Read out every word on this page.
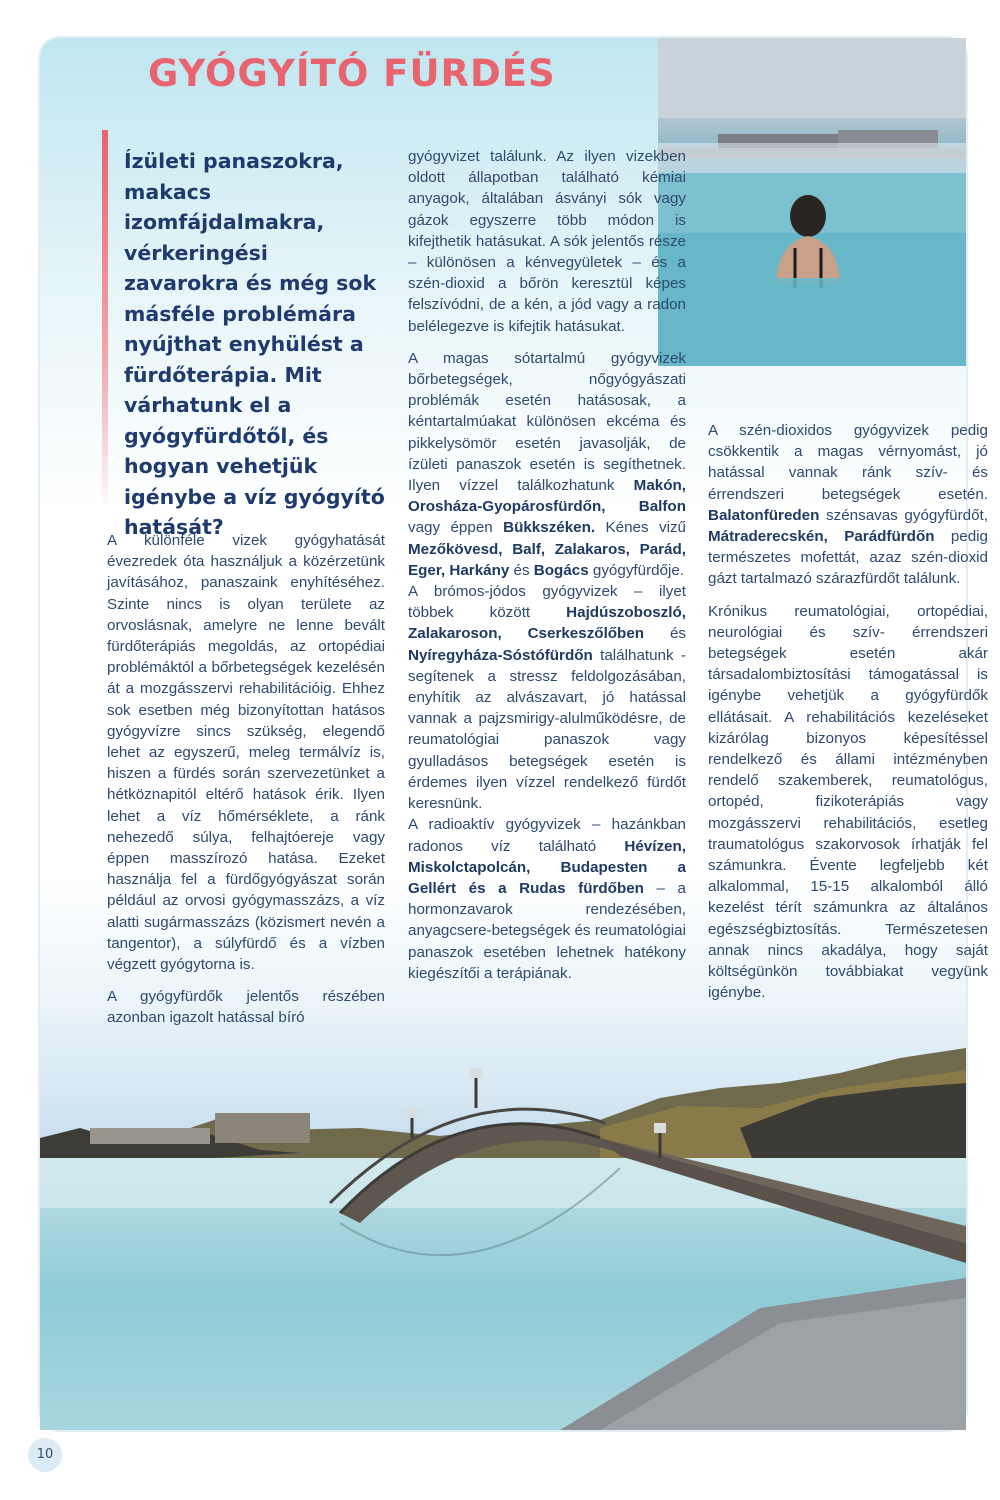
GYÓGYÍTÓ FÜRDÉS

Ízületi panaszokra, makacs izomfájdalmakra, vérkeringési zavarokra és még sok másféle problémára nyújthat enyhülést a fürdőterápia. Mit várhatunk el a gyógyfürdőtől, és hogyan vehetjük igénybe a víz gyógyító hatását?

A különféle vizek gyógyhatását évezredek óta használjuk a közérzetünk javításához, panaszaink enyhítéséhez. Szinte nincs is olyan területe az orvoslásnak, amelyre ne lenne bevált fürdőterápiás megoldás, az ortopédiai problémáktól a bőrbetegségek kezelésén át a mozgásszervi rehabilitációig. Ehhez sok esetben még bizonyítottan hatásos gyógyvízre sincs szükség, elegendő lehet az egyszerű, meleg termálvíz is, hiszen a fürdés során szervezetünket a hétköznapitól eltérő hatások érik. Ilyen lehet a víz hőmérséklete, a ránk nehezedő súlya, felhajtóereje vagy éppen masszírozó hatása. Ezeket használja fel a fürdőgyógyászat során például az orvosi gyógymasszázs, a víz alatti sugármasszázs (közismert nevén a tangentor), a súlyfürdő és a vízben végzett gyógytorna is.

A gyógyfürdők jelentős részében azonban igazolt hatással bíró

gyógyvizet találunk. Az ilyen vizekben oldott állapotban található kémiai anyagok, általában ásványi sók vagy gázok egyszerre több módon is kifejthetik hatásukat. A sók jelentős része – különösen a kénvegyületek – és a szén-dioxid a bőrön keresztül képes felszívódni, de a kén, a jód vagy a radon belélegezve is kifejtik hatásukat.

A magas sótartalmú gyógyvizek bőrbetegségek, nőgyógyászati problémák esetén hatásosak, a kéntartalmúakat különösen ekcéma és pikkelysömör esetén javasolják, de ízületi panaszok esetén is segíthetnek. Ilyen vízzel találkozhatunk Makón, Orosháza-Gyopárosfürdőn, Balfon vagy éppen Bükkszéken. Kénes vizű Mezőkövesd, Balf, Zalakaros, Parád, Eger, Harkány és Bogács gyógyfürdője.
A brómos-jódos gyógyvizek – ilyet többek között Hajdúszoboszló, Zalakaroson, Cserkeszőlőben és Nyíregyháza-Sóstófürdőn találhatunk - segítenek a stressz feldolgozásában, enyhítik az alvászavart, jó hatással vannak a pajzsmirigy-alulműködésre, de reumatológiai panaszok vagy gyulladásos betegségek esetén is érdemes ilyen vízzel rendelkező fürdőt keresnünk.
A radioaktív gyógyvizek – hazánkban radonos víz található Hévízen, Miskolctapolcán, Budapesten a Gellért és a Rudas fürdőben – a hormonzavarok rendezésében, anyagcsere-betegségek és reumatológiai panaszok esetében lehetnek hatékony kiegészítői a terápiának.

A szén-dioxidos gyógyvizek pedig csökkentik a magas vérnyomást, jó hatással vannak ránk szív- és érrendszeri betegségek esetén. Balatonfüreden szénsavas gyógyfürdőt, Mátraderecskén, Parádfürdőn pedig természetes mofettát, azaz szén-dioxid gázt tartalmazó szárazfürdőt találunk.

Krónikus reumatológiai, ortopédiai, neurológiai és szív- érrendszeri betegségek esetén akár társadalombiztosítási támogatással is igénybe vehetjük a gyógyfürdők ellátásait. A rehabilitációs kezeléseket kizárólag bizonyos képesítéssel rendelkező és állami intézményben rendelő szakemberek, reumatológus, ortopéd, fizikoterápiás vagy mozgásszervi rehabilitációs, esetleg traumatológus szakorvosok írhatják fel számunkra. Évente legfeljebb két alkalommal, 15-15 alkalomból álló kezelést térít számunkra az általános egészségbiztosítás. Természetesen annak nincs akadálya, hogy saját költségünkön továbbiakat vegyünk igénybe.

10
